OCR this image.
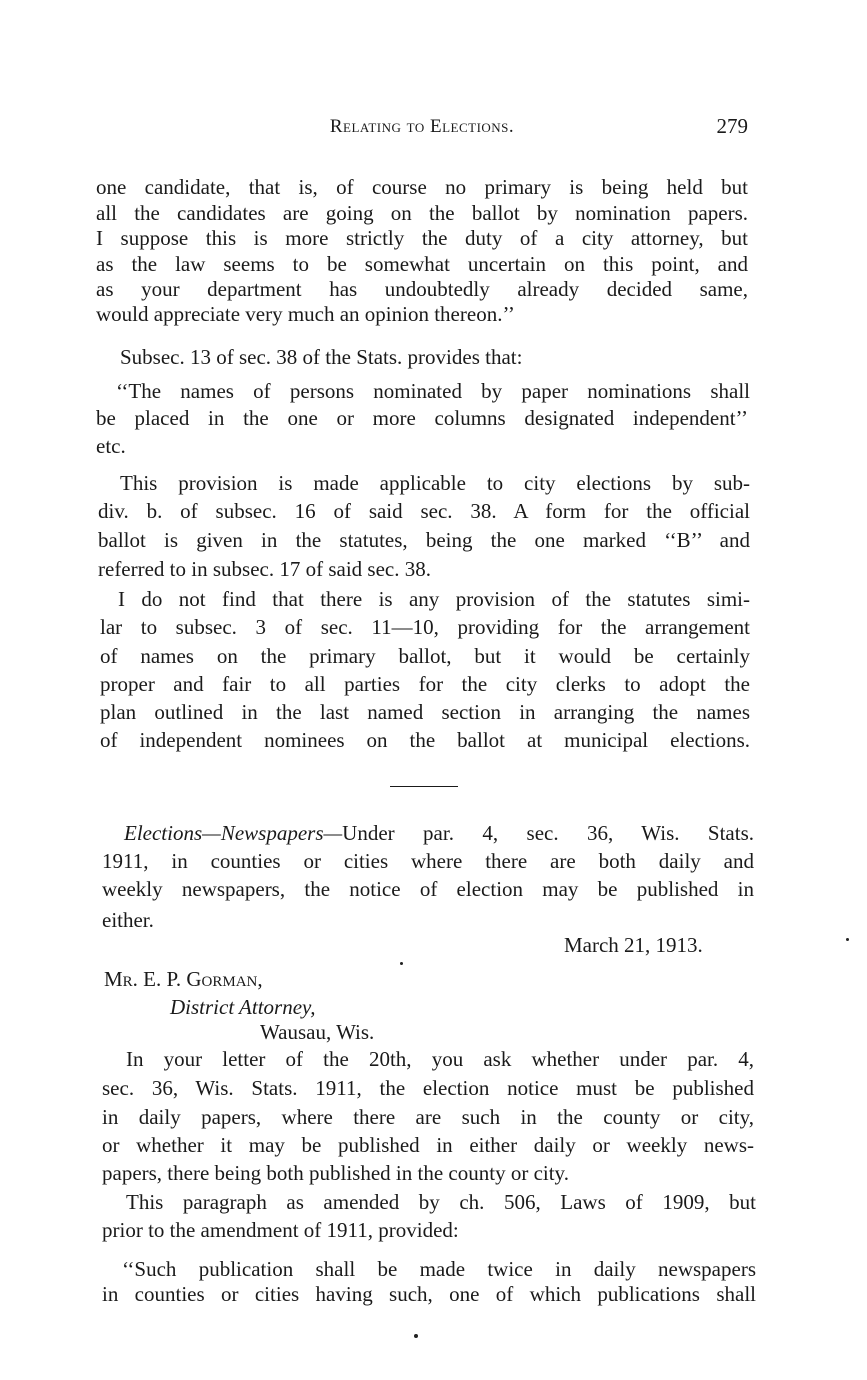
Relating to Elections.	279
one candidate, that is, of course no primary is being held but
all the candidates are going on the ballot by nomination papers.
I suppose this is more strictly the duty of a city attorney, but
as the law seems to be somewhat uncertain on this point, and
as your department has undoubtedly already decided same,
would appreciate very much an opinion thereon.’’
Subsec. 13 of sec. 38 of the Stats. provides that:
‘‘The names of persons nominated by paper nominations shall
be placed in the one or more columns designated independent’’
etc.
This provision is made applicable to city elections by sub-
div. b. of subsec. 16 of said sec. 38. A form for the official
ballot is given in the statutes, being the one marked ‘‘B’’ and
referred to in subsec. 17 of said sec. 38.
I do not find that there is any provision of the statutes simi-
lar to subsec. 3 of sec. 11—10, providing for the arrangement
of names on the primary ballot, but it would be certainly
proper and fair to all parties for the city clerks to adopt the
plan outlined in the last named section in arranging the names
of independent nominees on the ballot at municipal elections.
Elections—Newspapers—Under par. 4, sec. 36, Wis. Stats.
1911, in counties or cities where there are both daily and
weekly newspapers, the notice of election may be published in
either.
March 21, 1913.
Mr. E. P. Gorman,
District Attorney,
Wausau, Wis.
In your letter of the 20th, you ask whether under par. 4,
sec. 36, Wis. Stats. 1911, the election notice must be published
in daily papers, where there are such in the county or city,
or whether it may be published in either daily or weekly news-
papers, there being both published in the county or city.
This paragraph as amended by ch. 506, Laws of 1909, but
prior to the amendment of 1911, provided:
‘‘Such publication shall be made twice in daily newspapers
in counties or cities having such, one of which publications shall
